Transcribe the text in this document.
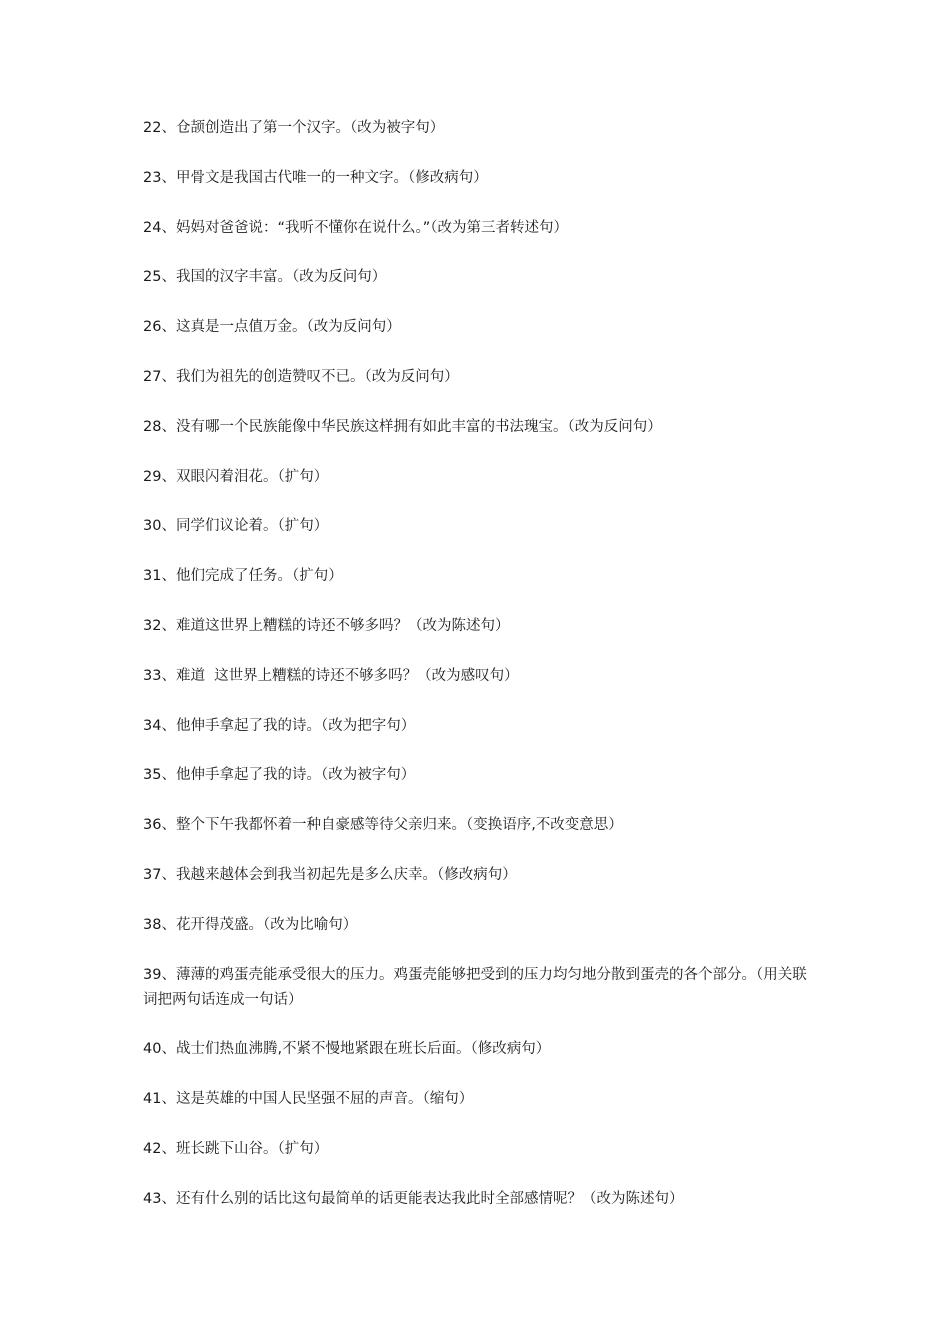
22、仓颉创造出了第一个汉字。（改为被字句）

23、甲骨文是我国古代唯一的一种文字。（修改病句）

24、妈妈对爸爸说：“我听不懂你在说什么。”（改为第三者转述句）

25、我国的汉字丰富。（改为反问句）

26、这真是一点值万金。（改为反问句）

27、我们为祖先的创造赞叹不已。（改为反问句）

28、没有哪一个民族能像中华民族这样拥有如此丰富的书法瑰宝。（改为反问句）

29、双眼闪着泪花。（扩句）

30、同学们议论着。（扩句）

31、他们完成了任务。（扩句）

32、难道这世界上糟糕的诗还不够多吗？（改为陈述句）

33、难道  这世界上糟糕的诗还不够多吗？（改为感叹句）

34、他伸手拿起了我的诗。（改为把字句）

35、他伸手拿起了我的诗。（改为被字句）

36、整个下午我都怀着一种自豪感等待父亲归来。（变换语序,不改变意思）

37、我越来越体会到我当初起先是多么庆幸。（修改病句）

38、花开得茂盛。（改为比喻句）

39、薄薄的鸡蛋壳能承受很大的压力。鸡蛋壳能够把受到的压力均匀地分散到蛋壳的各个部分。（用关联词把两句话连成一句话）

40、战士们热血沸腾,不紧不慢地紧跟在班长后面。（修改病句）

41、这是英雄的中国人民坚强不屈的声音。（缩句）

42、班长跳下山谷。（扩句）

43、还有什么别的话比这句最简单的话更能表达我此时全部感情呢？（改为陈述句）
